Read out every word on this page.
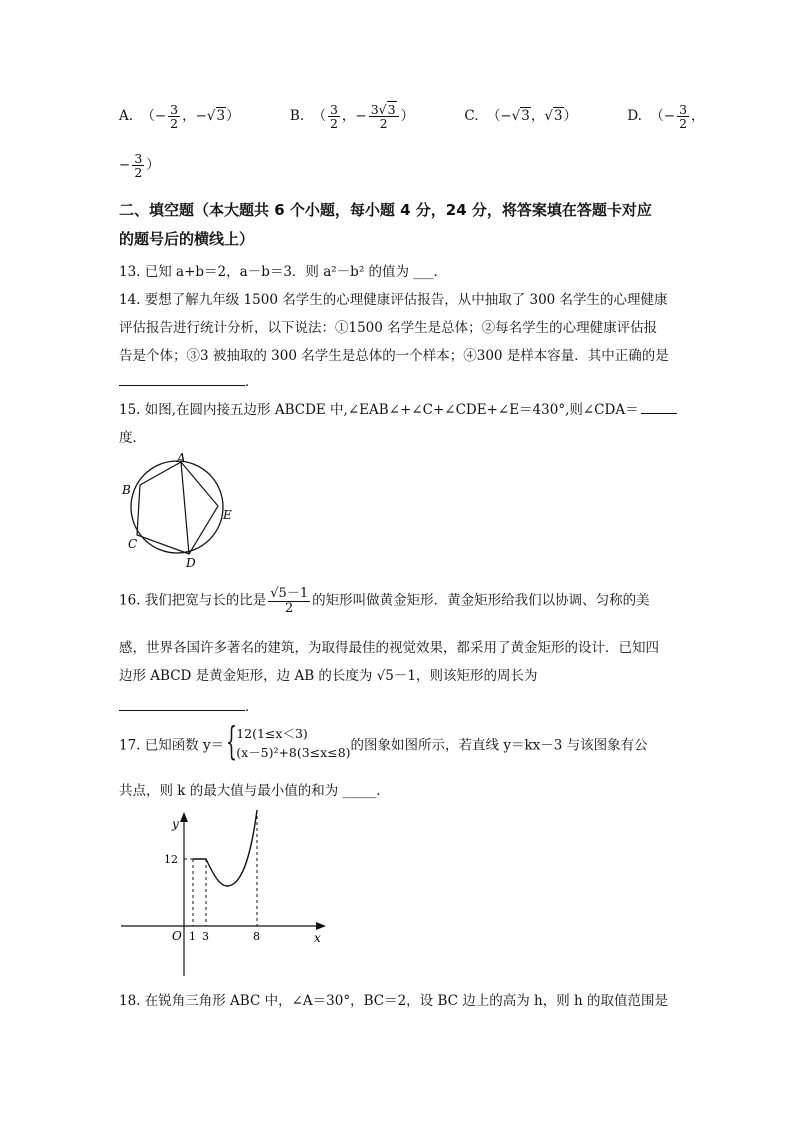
A. （− $\frac{3}{2}$ ，−√3）	B. （ $\frac{3}{2}$ ，− $\frac{3√3}{2}$ ）	C. （−√3，√3）	D. （− $\frac{3}{2}$ ，
− $\frac{3}{2}$ ）
二、填空题（本大题共 6 个小题，每小题 4 分，24 分，将答案填在答题卡对应
的题号后的横线上）
13. 已知 a+b＝2，a－b＝3．则 a²－b² 的值为 ___．
14. 要想了解九年级 1500 名学生的心理健康评估报告，从中抽取了 300 名学生的心理健康
评估报告进行统计分析，以下说法：①1500 名学生是总体；②每名学生的心理健康评估报
告是个体；③3 被抽取的 300 名学生是总体的一个样本；④300 是样本容量．其中正确的是
．
15. 如图,在圆内接五边形 ABCDE 中,∠EAB∠+∠C+∠CDE+∠E＝430°,则∠CDA＝
度．
A
B
C
D
E
16. 我们把宽与长的比是 $\frac{√5-1}{2}$ 的矩形叫做黄金矩形．黄金矩形给我们以协调、匀称的美
感，世界各国许多著名的建筑，为取得最佳的视觉效果，都采用了黄金矩形的设计．已知四
边形 ABCD 是黄金矩形，边 AB 的长度为 √5－1，则该矩形的周长为
．
17. 已知函数 y＝ { 12(1≤x＜3)
(x－5)²+8(3≤x≤8) 的图象如图所示，若直线 y＝kx－3 与该图象有公
共点，则 k 的最大值与最小值的和为 _____．
y
x
O
12
1 3	8
18. 在锐角三角形 ABC 中，∠A＝30°，BC＝2，设 BC 边上的高为 h，则 h 的取值范围是
